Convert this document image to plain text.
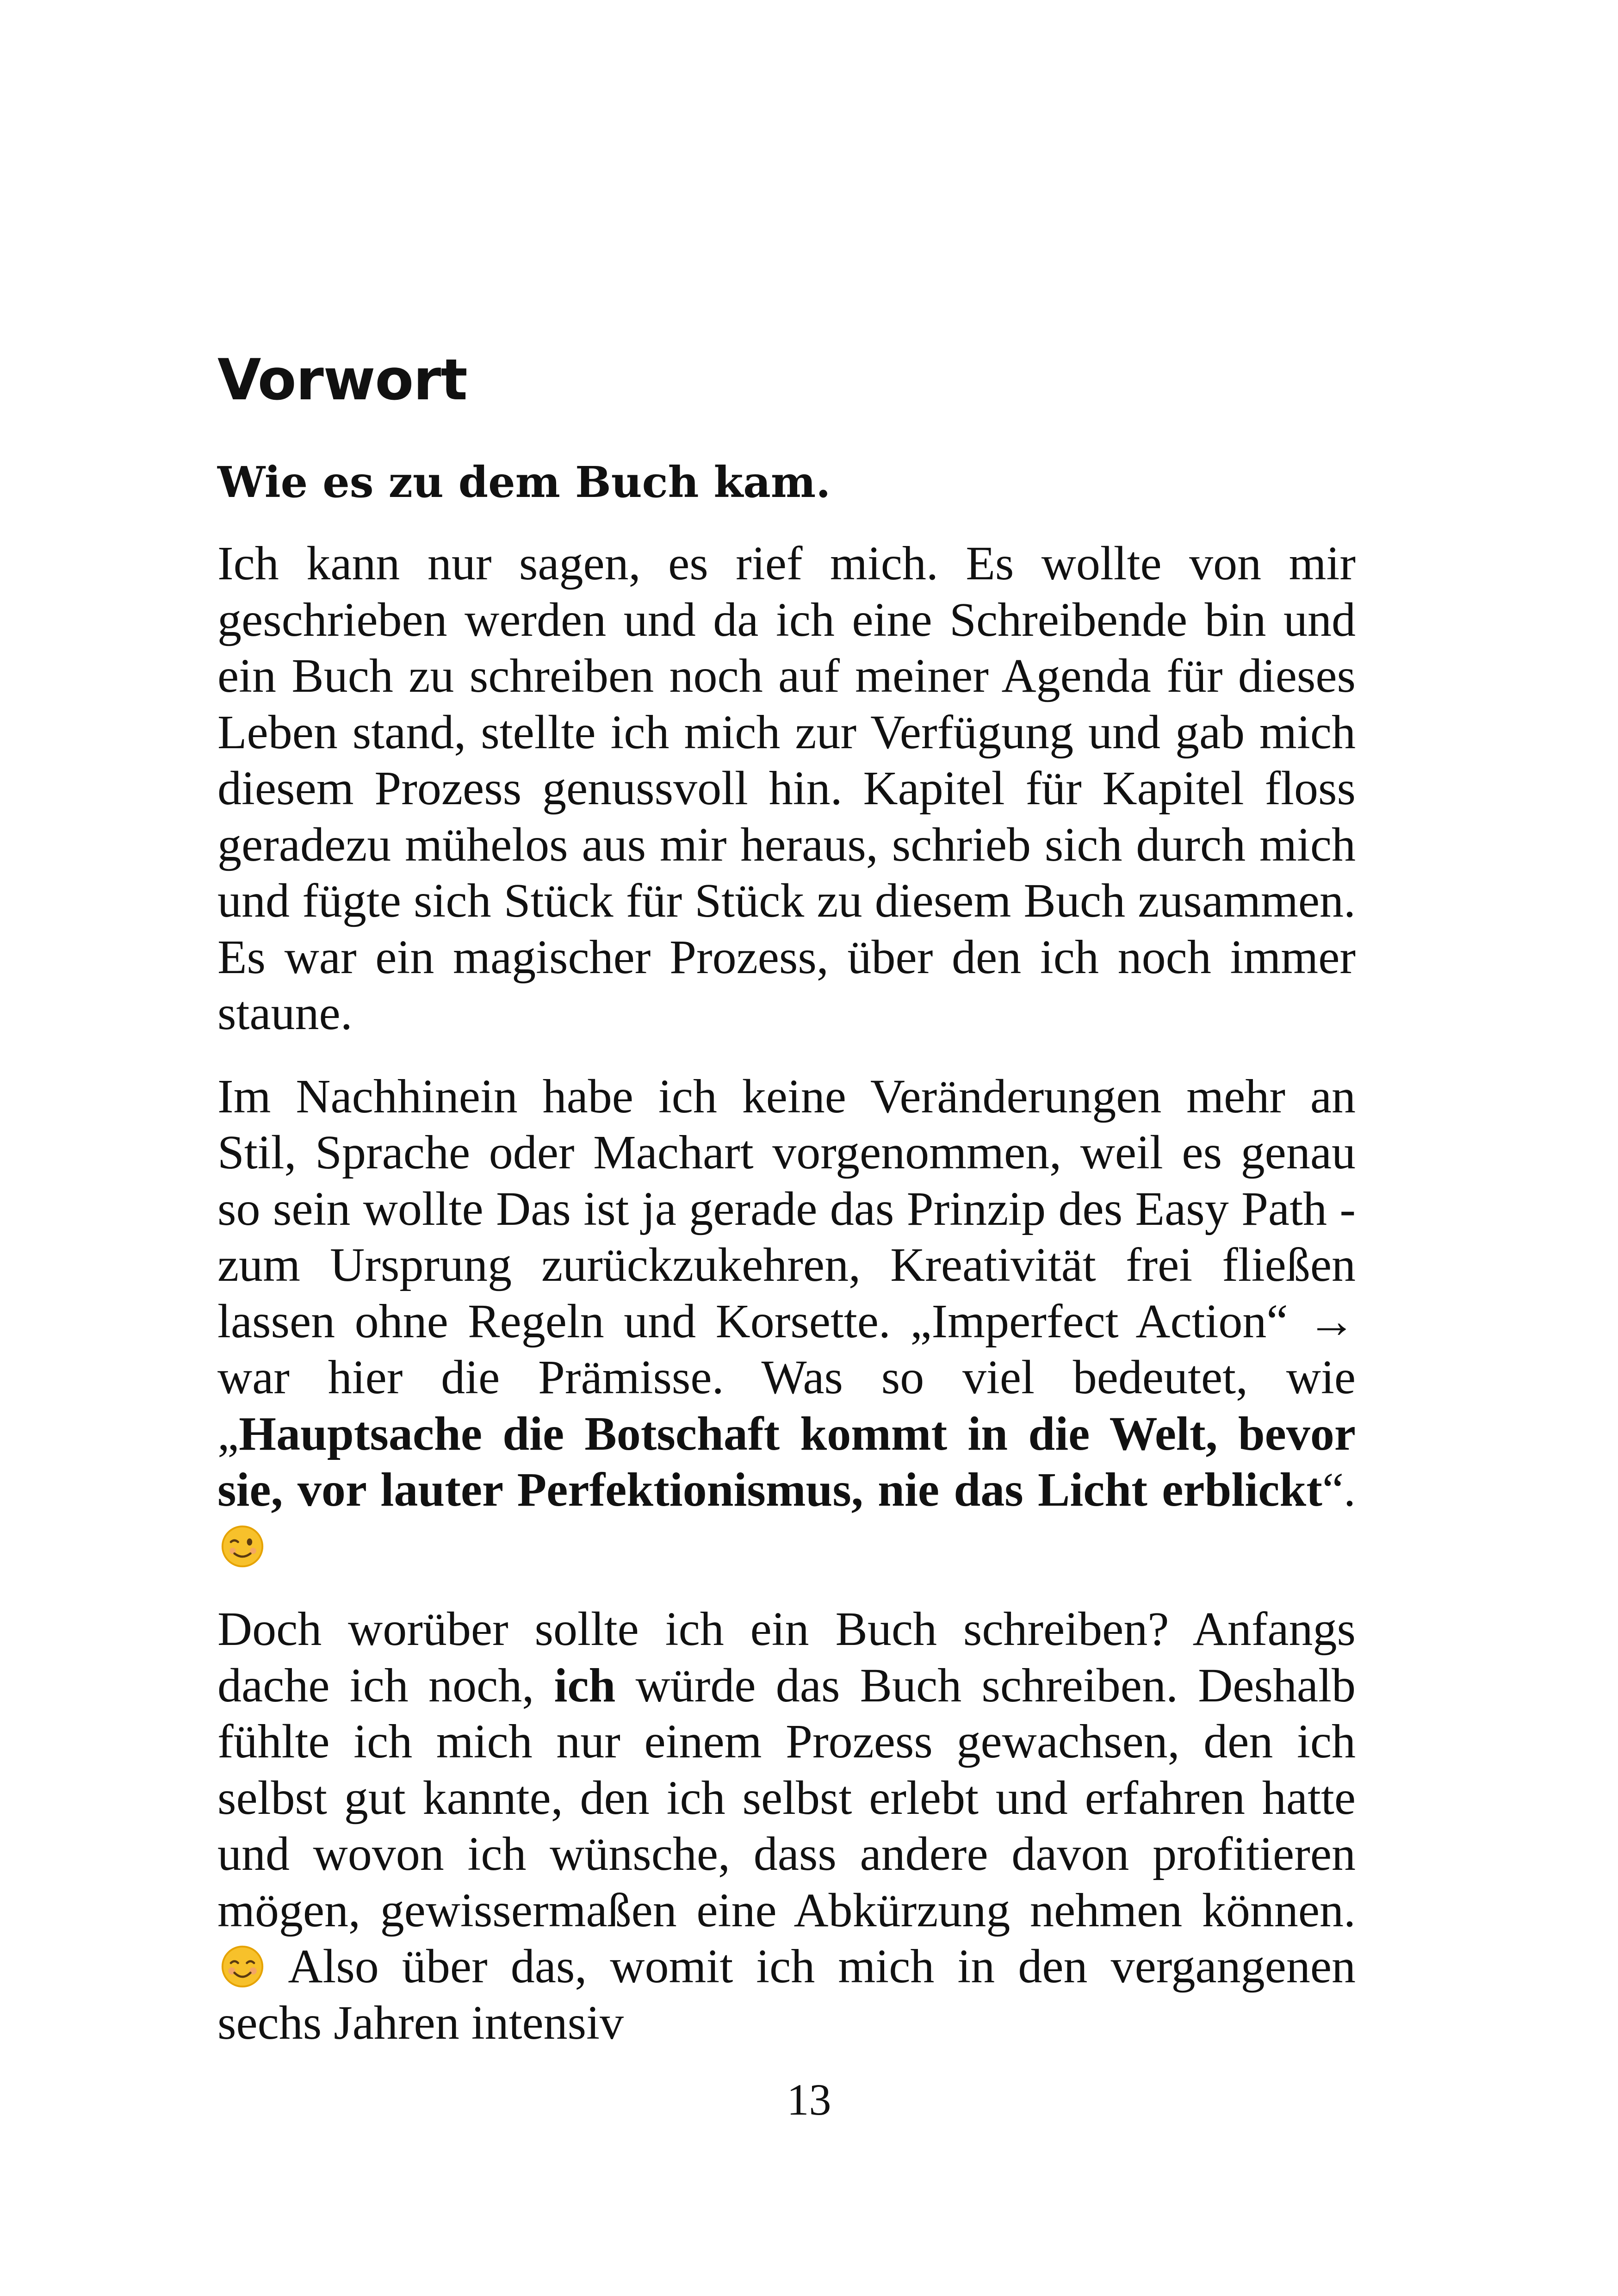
Vorwort
Wie es zu dem Buch kam.

Ich kann nur sagen, es rief mich. Es wollte von mir geschrieben werden und da ich eine Schreibende bin und ein Buch zu schreiben noch auf meiner Agenda für dieses Leben stand, stellte ich mich zur Verfügung und gab mich diesem Prozess genussvoll hin. Kapitel für Kapitel floss geradezu mühelos aus mir heraus, schrieb sich durch mich und fügte sich Stück für Stück zu diesem Buch zusammen. Es war ein magischer Prozess, über den ich noch immer staune.

Im Nachhinein habe ich keine Veränderungen mehr an Stil, Sprache oder Machart vorgenommen, weil es genau so sein wollte Das ist ja gerade das Prinzip des Easy Path - zum Ursprung zurückzukehren, Kreativität frei fließen lassen ohne Regeln und Korsette. „Imperfect Action“ → war hier die Prämisse. Was so viel bedeutet, wie „Hauptsache die Botschaft kommt in die Welt, bevor sie, vor lauter Perfektionismus, nie das Licht erblickt“.

Doch worüber sollte ich ein Buch schreiben? Anfangs dache ich noch, ich würde das Buch schreiben. Deshalb fühlte ich mich nur einem Prozess gewachsen, den ich selbst gut kannte, den ich selbst erlebt und erfahren hatte und wovon ich wünsche, dass andere davon profitieren mögen, gewissermaßen eine Abkürzung nehmen können.  Also über das, womit ich mich in den vergangenen sechs Jahren intensiv

13
